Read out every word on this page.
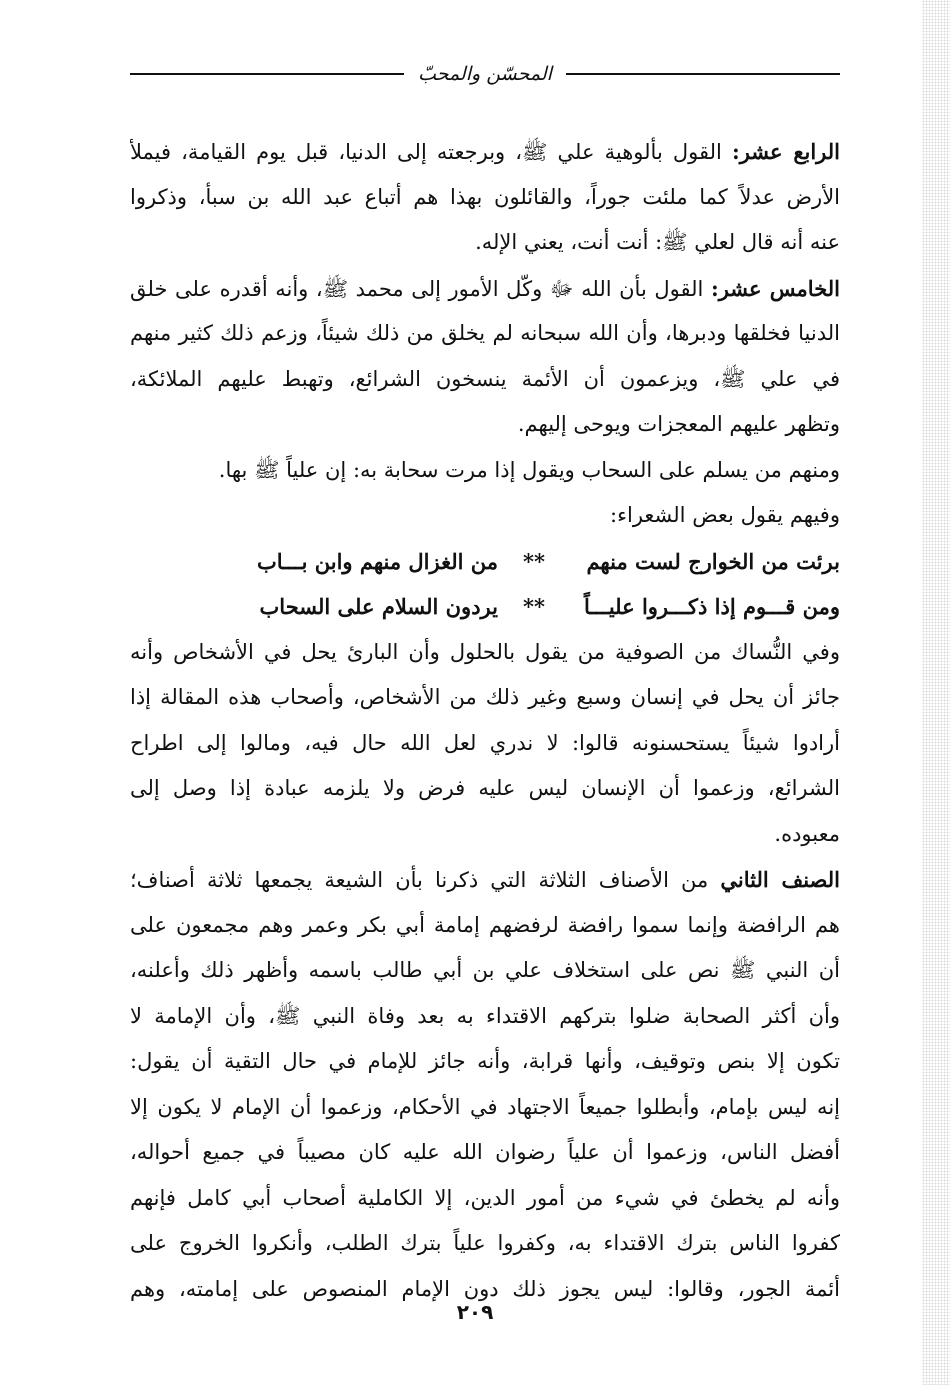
المحسّن والمحبّ
الرابع عشر: القول بألوهية علي ﷺ، وبرجعته إلى الدنيا، قبل يوم القيامة، فيملأ
الأرض عدلاً كما ملئت جوراً، والقائلون بهذا هم أتباع عبد الله بن سبأ، وذكروا
عنه أنه قال لعلي ﷺ: أنت أنت، يعني الإله.
الخامس عشر: القول بأن الله ﷻ وكّل الأمور إلى محمد ﷺ، وأنه أقدره على خلق
الدنيا فخلقها ودبرها، وأن الله سبحانه لم يخلق من ذلك شيئاً، وزعم ذلك كثير منهم
في علي ﷺ، ويزعمون أن الأئمة ينسخون الشرائع، وتهبط عليهم الملائكة،
وتظهر عليهم المعجزات ويوحى إليهم.
ومنهم من يسلم على السحاب ويقول إذا مرت سحابة به: إن علياً ﷺ بها.
وفيهم يقول بعض الشعراء:
برئت من الخوارج لست منهم
**
من الغزال منهم وابن بـــاب
ومن قـــوم إذا ذكـــروا عليـــاً
**
يردون السلام على السحاب
وفي النُّساك من الصوفية من يقول بالحلول وأن البارئ يحل في الأشخاص وأنه
جائز أن يحل في إنسان وسبع وغير ذلك من الأشخاص، وأصحاب هذه المقالة إذا
أرادوا شيئاً يستحسنونه قالوا: لا ندري لعل الله حال فيه، ومالوا إلى اطراح
الشرائع، وزعموا أن الإنسان ليس عليه فرض ولا يلزمه عبادة إذا وصل إلى
معبوده.
الصنف الثاني من الأصناف الثلاثة التي ذكرنا بأن الشيعة يجمعها ثلاثة أصناف؛
هم الرافضة وإنما سموا رافضة لرفضهم إمامة أبي بكر وعمر وهم مجمعون على
أن النبي ﷺ نص على استخلاف علي بن أبي طالب باسمه وأظهر ذلك وأعلنه،
وأن أكثر الصحابة ضلوا بتركهم الاقتداء به بعد وفاة النبي ﷺ، وأن الإمامة لا
تكون إلا بنص وتوقيف، وأنها قرابة، وأنه جائز للإمام في حال التقية أن يقول:
إنه ليس بإمام، وأبطلوا جميعاً الاجتهاد في الأحكام، وزعموا أن الإمام لا يكون إلا
أفضل الناس، وزعموا أن علياً رضوان الله عليه كان مصيباً في جميع أحواله،
وأنه لم يخطئ في شيء من أمور الدين، إلا الكاملية أصحاب أبي كامل فإنهم
كفروا الناس بترك الاقتداء به، وكفروا علياً بترك الطلب، وأنكروا الخروج على
أئمة الجور، وقالوا: ليس يجوز ذلك دون الإمام المنصوص على إمامته، وهم
٢٠٩
